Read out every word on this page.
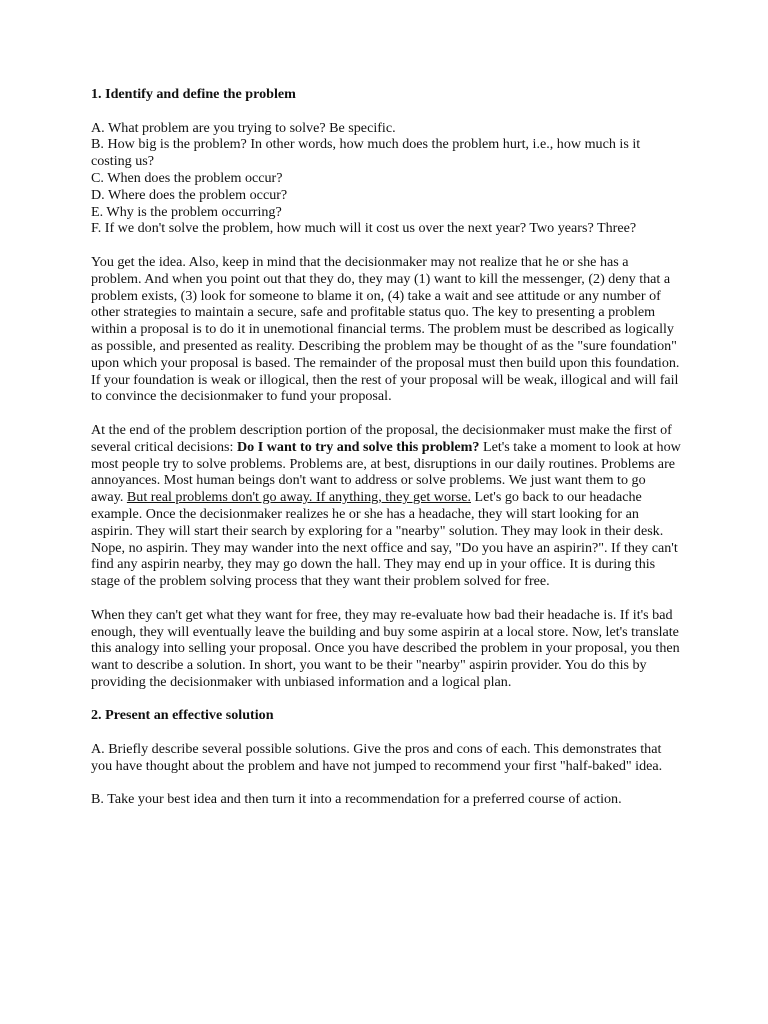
1. Identify and define the problem

A. What problem are you trying to solve? Be specific.

B. How big is the problem? In other words, how much does the problem hurt, i.e., how much is it costing us?

C. When does the problem occur?

D. Where does the problem occur?

E. Why is the problem occurring?

F. If we don't solve the problem, how much will it cost us over the next year? Two years? Three?

You get the idea. Also, keep in mind that the decisionmaker may not realize that he or she has a problem. And when you point out that they do, they may (1) want to kill the messenger, (2) deny that a problem exists, (3) look for someone to blame it on, (4) take a wait and see attitude or any number of other strategies to maintain a secure, safe and profitable status quo. The key to presenting a problem within a proposal is to do it in unemotional financial terms. The problem must be described as logically as possible, and presented as reality. Describing the problem may be thought of as the "sure foundation" upon which your proposal is based. The remainder of the proposal must then build upon this foundation. If your foundation is weak or illogical, then the rest of your proposal will be weak, illogical and will fail to convince the decisionmaker to fund your proposal.

At the end of the problem description portion of the proposal, the decisionmaker must make the first of several critical decisions: Do I want to try and solve this problem? Let's take a moment to look at how most people try to solve problems. Problems are, at best, disruptions in our daily routines. Problems are annoyances. Most human beings don't want to address or solve problems. We just want them to go away. But real problems don't go away. If anything, they get worse. Let's go back to our headache example. Once the decisionmaker realizes he or she has a headache, they will start looking for an aspirin. They will start their search by exploring for a "nearby" solution. They may look in their desk. Nope, no aspirin. They may wander into the next office and say, "Do you have an aspirin?". If they can't find any aspirin nearby, they may go down the hall. They may end up in your office. It is during this stage of the problem solving process that they want their problem solved for free.

When they can't get what they want for free, they may re-evaluate how bad their headache is. If it's bad enough, they will eventually leave the building and buy some aspirin at a local store. Now, let's translate this analogy into selling your proposal. Once you have described the problem in your proposal, you then want to describe a solution. In short, you want to be their "nearby" aspirin provider. You do this by providing the decisionmaker with unbiased information and a logical plan.

2. Present an effective solution

A. Briefly describe several possible solutions. Give the pros and cons of each. This demonstrates that you have thought about the problem and have not jumped to recommend your first "half-baked" idea.

B. Take your best idea and then turn it into a recommendation for a preferred course of action.
